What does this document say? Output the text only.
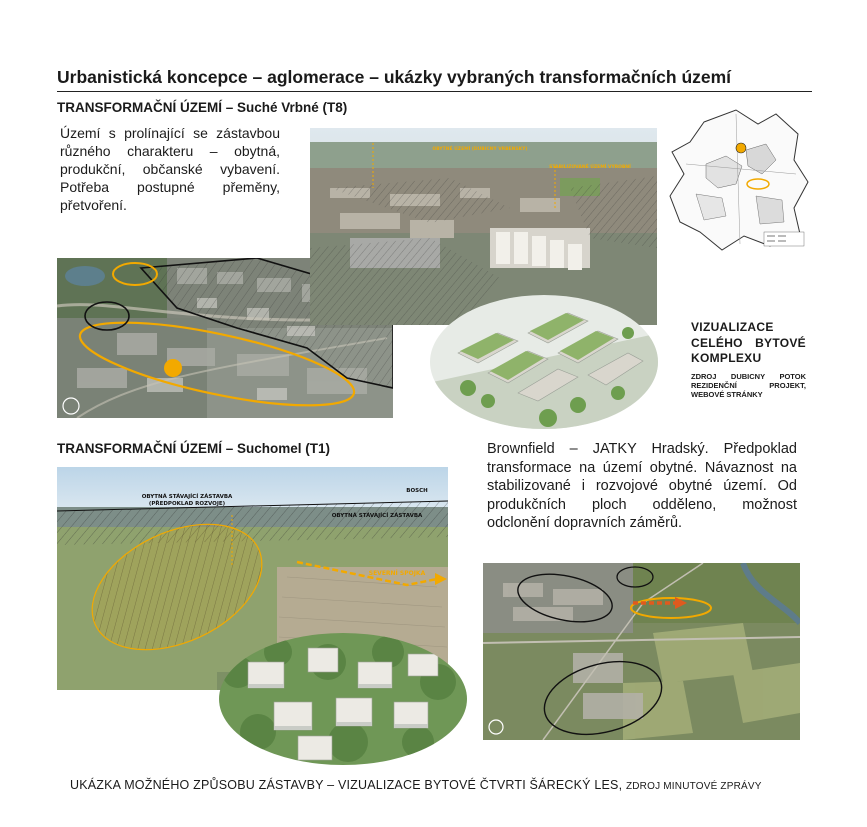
Urbanistická koncepce – aglomerace – ukázky vybraných transformačních území
TRANSFORMAČNÍ ÚZEMÍ – Suché Vrbné (T8)
Území s prolínající se zástavbou různého charakteru – obytná, produkční, občanské vybavení. Potřeba postupné přeměny, přetvoření.
OBYTNÉ ÚZEMÍ (DUBICNÝ VRBENSKÝ)
STABILIZOVANÉ ÚZEMÍ VÝROBNÍ
VIZUALIZACE CELÉHO BYTOVÉ KOMPLEXU
ZDROJ DUBICNY POTOK REZIDENČNÍ PROJEKT, WEBOVÉ STRÁNKY
TRANSFORMAČNÍ ÚZEMÍ – Suchomel (T1)	Brownfield – JATKY Hradský. Předpoklad transformace na území obytné. Návaznost na stabilizované i rozvojové obytné území. Od produkčních ploch odděleno, možnost odclonění dopravních záměrů.
OBYTNÁ STÁVAJÍCÍ ZÁSTAVBA
(PŘEDPOKLAD ROZVOJE)
OBYTNÁ STÁVAJÍCÍ ZÁSTAVBA
BOSCH
SEVERNÍ SPOJKA
UKÁZKA MOŽNÉHO ZPŮSOBU ZÁSTAVBY – VIZUALIZACE BYTOVÉ ČTVRTI ŠÁRECKÝ LES, ZDROJ MINUTOVÉ ZPRÁVY
